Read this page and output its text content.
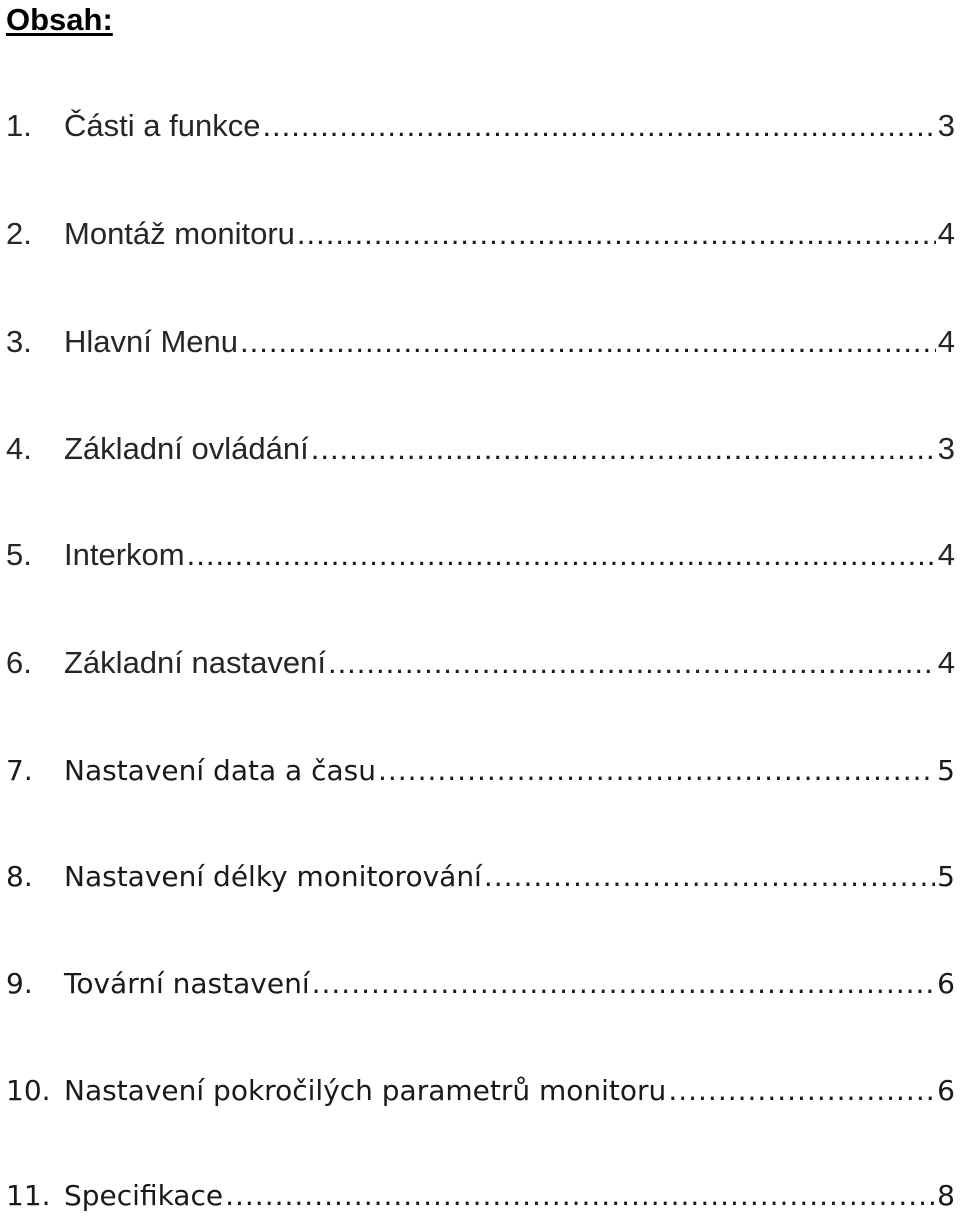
Obsah:
1.	Části a funkce .....	3
2.	Montáž monitoru .....	4
3.	Hlavní Menu .....	4
4.	Základní ovládání .....	3
5.	Interkom .....	4
6.	Základní nastavení .....	4
7.	Nastavení data a času .....	5
8.	Nastavení délky monitorování .....	5
9.	Tovární nastavení .....	6
10. Nastavení pokročilých parametrů monitoru .....	6
11. Specifikace .....	8
